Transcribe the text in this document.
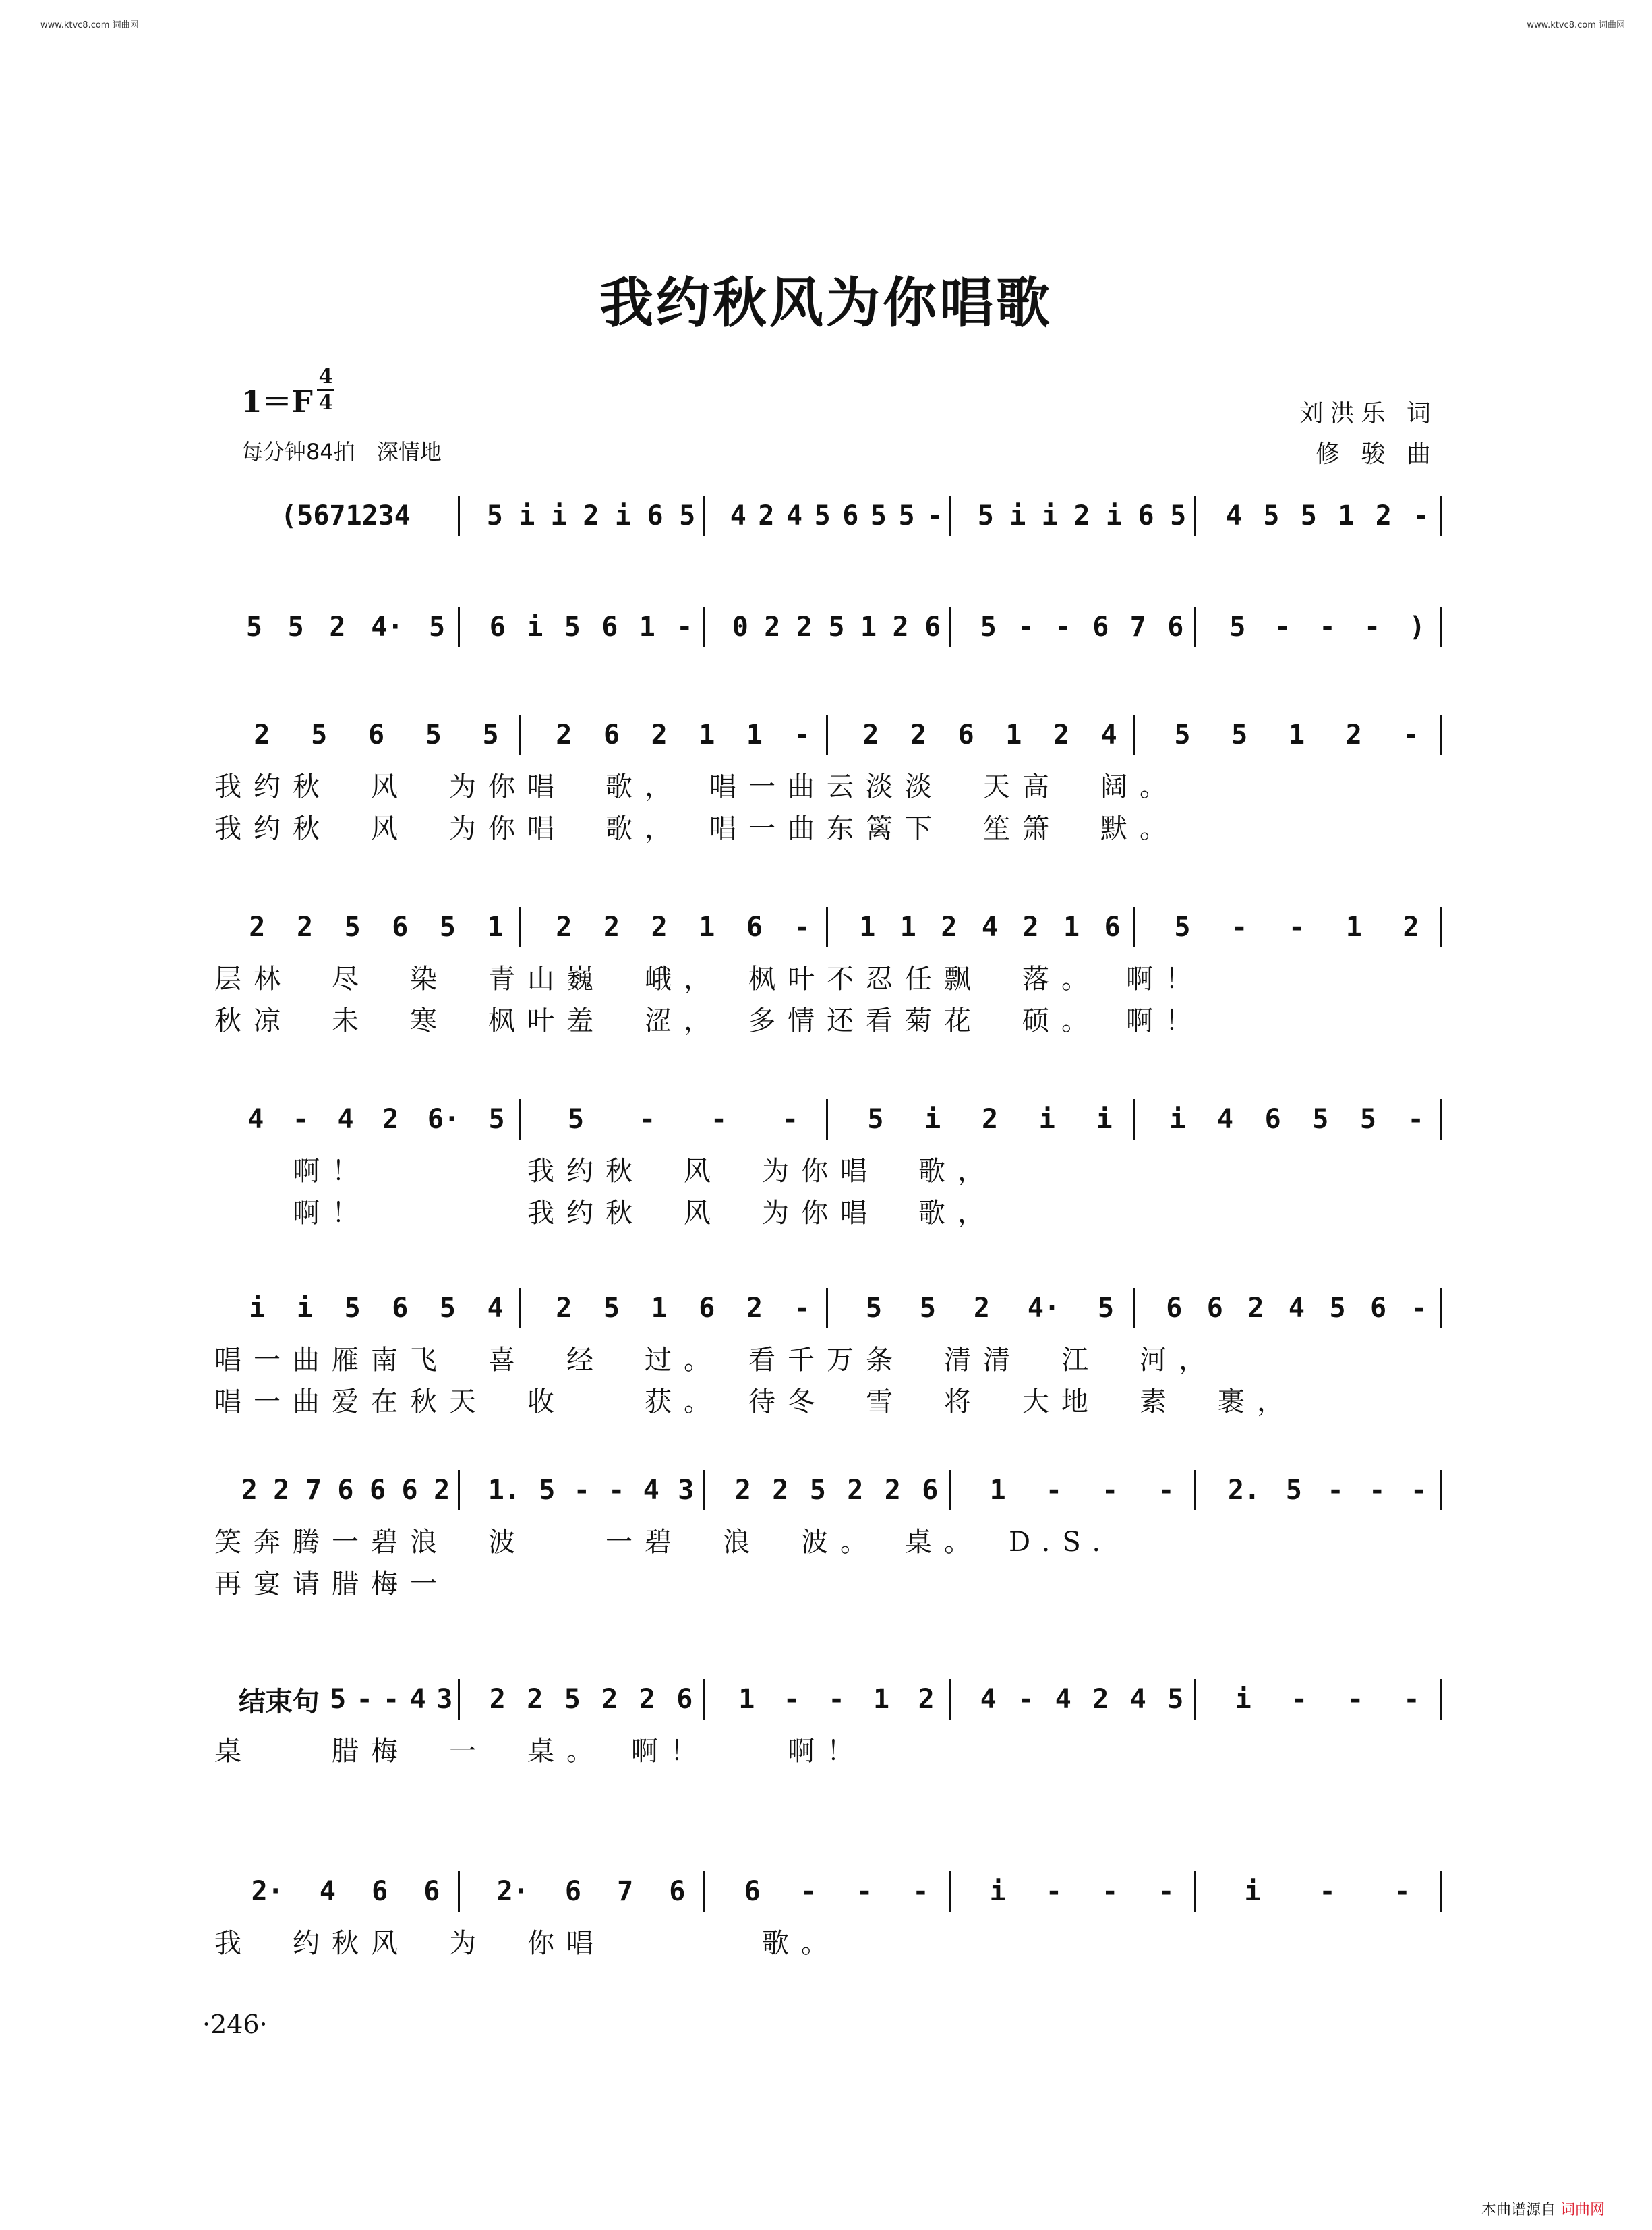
www.ktvc8.com 词曲网	www.ktvc8.com 词曲网
我约秋风为你唱歌
1＝F
4
4
每分钟84拍　深情地
刘洪乐 词
修 骏 曲
(5671234	5 i i 2 i 6 5 4 2 4 5 6 5 5 - 5 i i 2 i 6 5 4 5 5 1 2 -
5 5 2 4· 5 6 i 5 6 1 - 0 2 2 5 1 2 6 5 - - 6 7 6 5 - - - )
2 5 6 5 5 2 6 2 1 1 - 2 2 6 1 2 4 5 5 1 2 -
我约秋　风　为你唱　歌，　唱一曲云淡淡　天高　阔。
我约秋　风　为你唱　歌，　唱一曲东篱下　笙箫　默。
2 2 5 6 5 1 2 2 2 1 6 - 1 1 2 4 2 1 6 5 - - 1 2
层林　尽　染　青山巍　峨，　枫叶不忍任飘　落。　啊！
秋凉　未　寒　枫叶羞　涩，　多情还看菊花　硕。　啊！
4 - 4 2 6· 5 5 - - -	5 i 2 i i i 4 6 5 5 -
　　啊！　　　　我约秋　风　为你唱　歌，
　　啊！　　　　我约秋　风　为你唱　歌，
i i 5 6 5 4 2 5 1 6 2 - 5 5 2 4· 5 6 6 2 4 5 6 -
唱一曲雁南飞　喜　经　过。　看千万条　清清　江　河，
唱一曲爱在秋天　收　　获。　待冬　雪　将　大地　素　裹，
2 2 7 6 6 6 2 1. 5 - - 4 3 2 2 5 2 2 6 1 - - - 2. 5 - - -
笑奔腾一碧浪　波　　一碧　浪　波。　桌。　D.S.
再宴请腊梅一
结束句 5 - - 4 3 2 2 5 2 2 6 1 - - 1 2 4 - 4 2 4 5 i - - -
桌　　腊梅　一　桌。　啊！　　啊！
2· 4 6 6 2· 6 7 6 6 - - - i - - -	i - -
我　约秋风　为　你唱　　　　歌。
·246·
本曲谱源自 词曲网
